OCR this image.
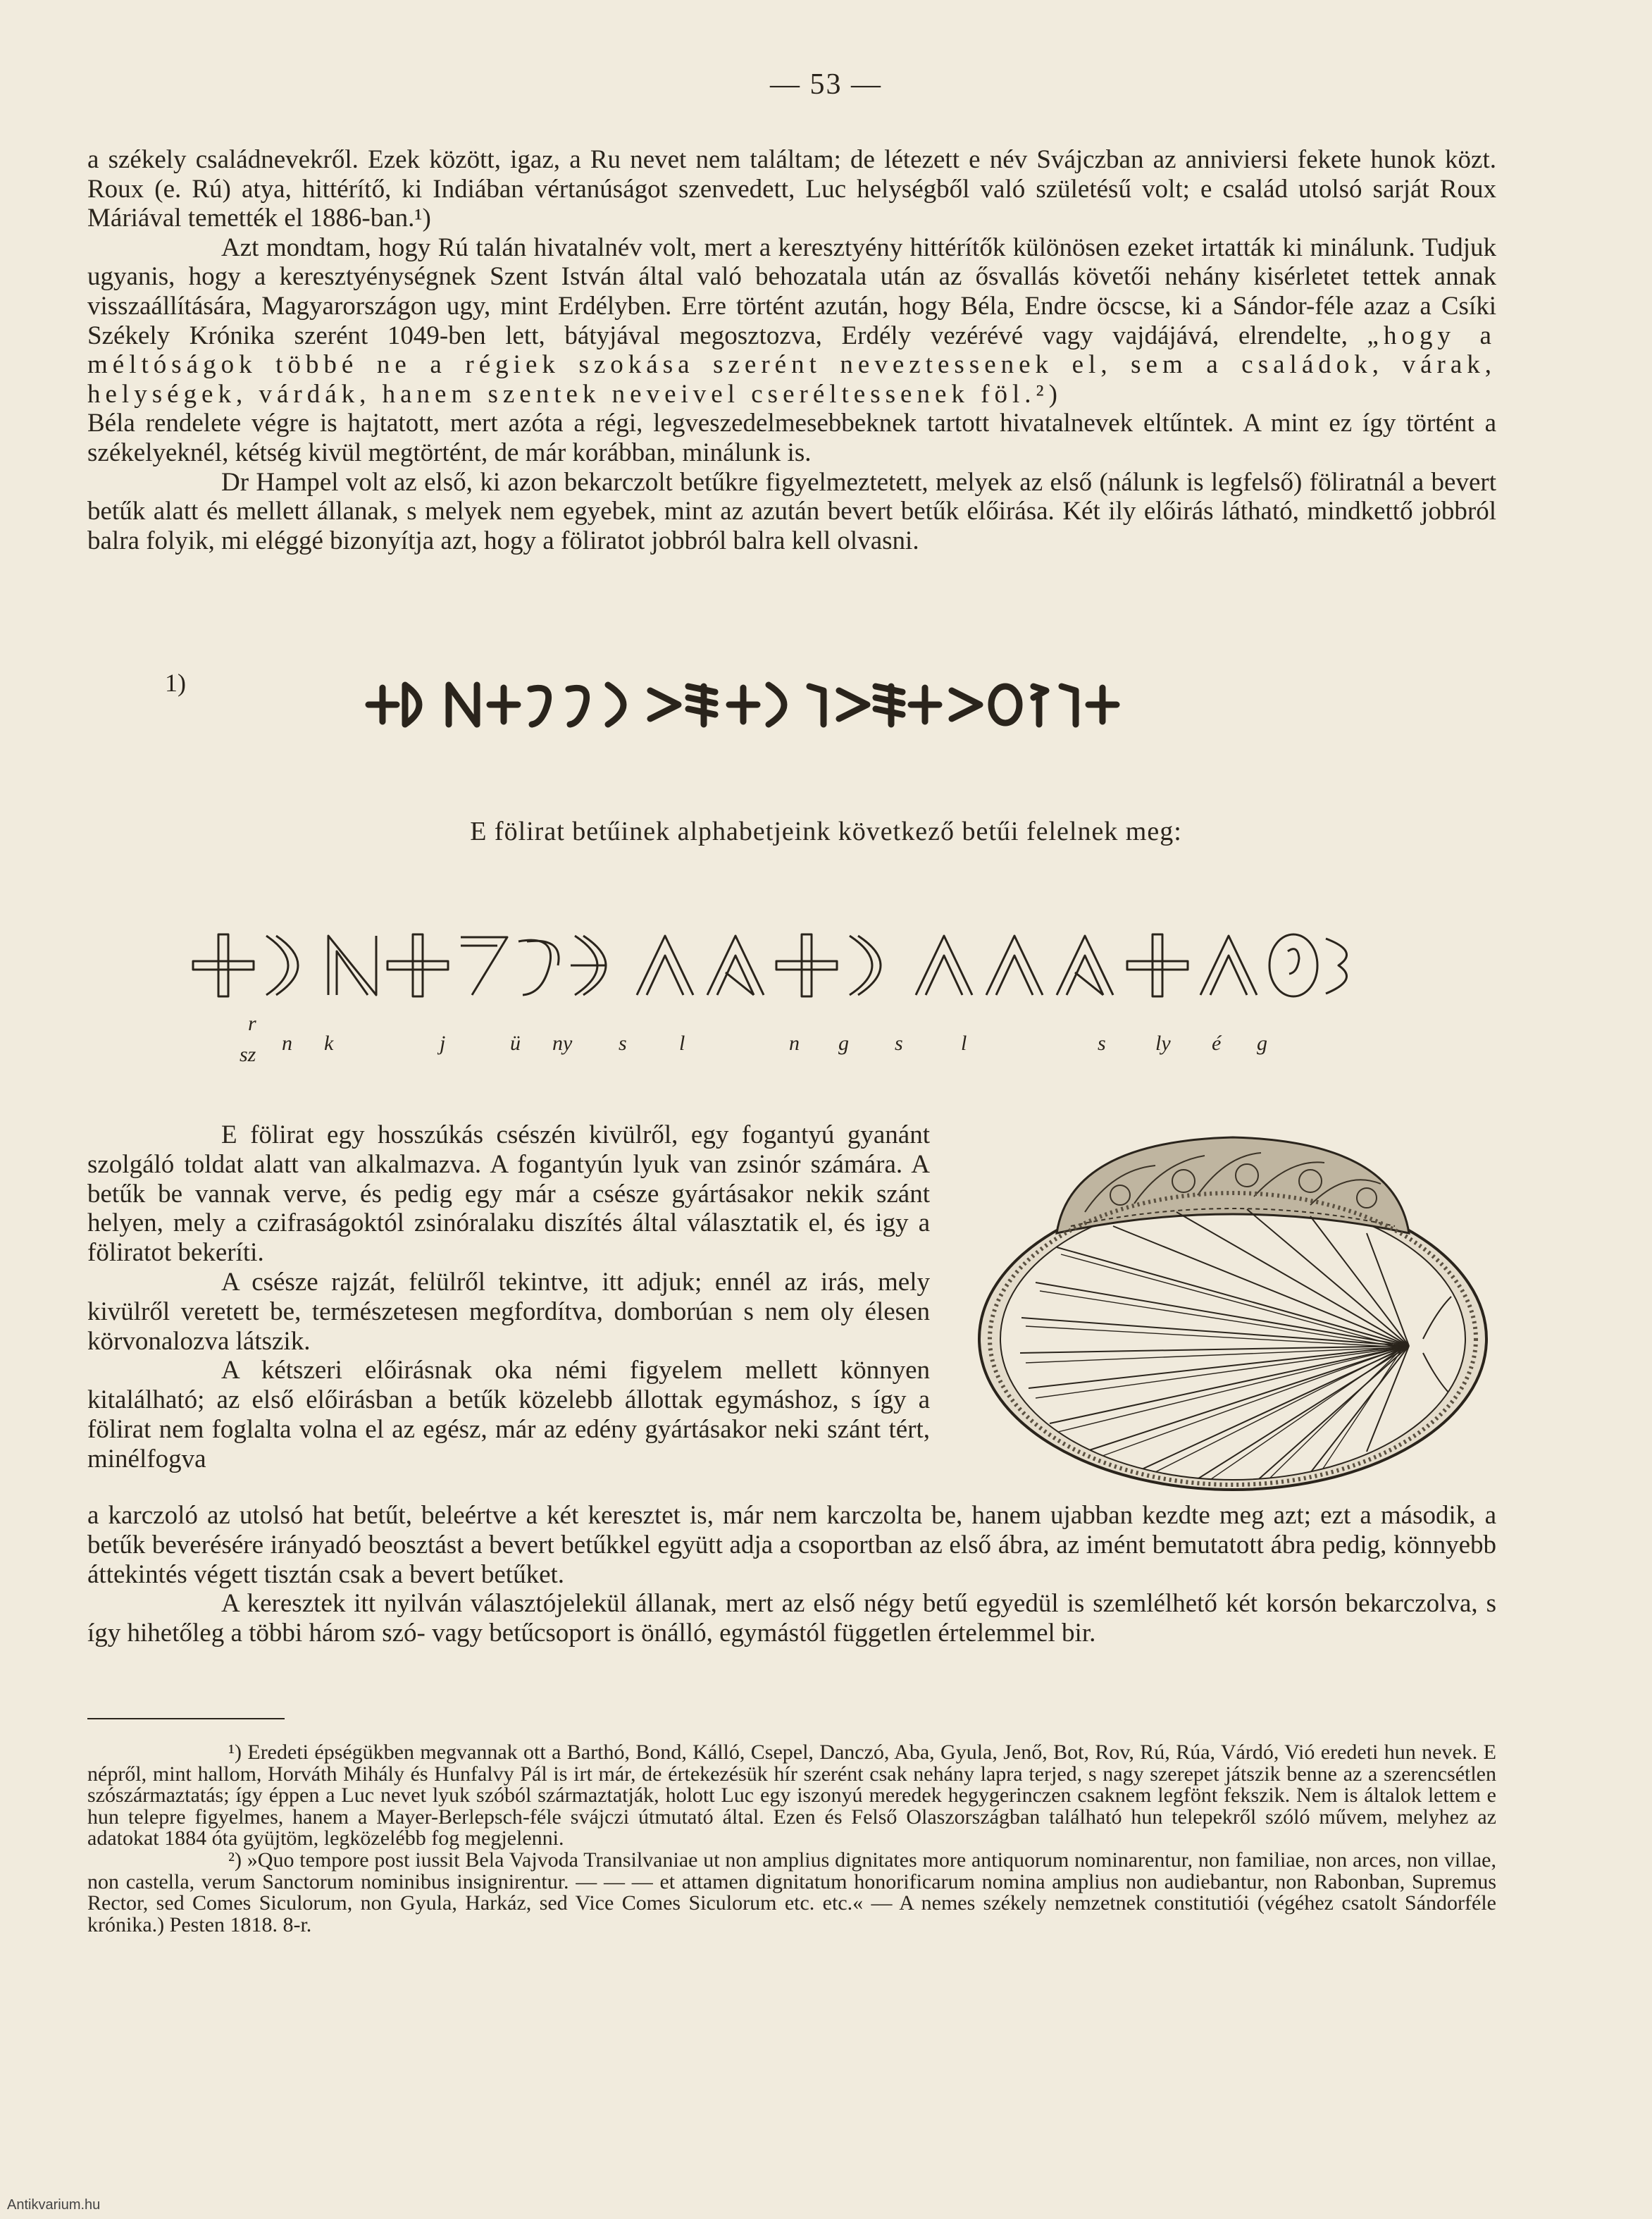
— 53 —

a székely családnevekről. Ezek között, igaz, a Ru nevet nem találtam; de létezett e név Svájczban az anniviersi fekete hunok közt. Roux (e. Rú) atya, hittérítő, ki Indiában vértanúságot szenvedett, Luc helységből való születésű volt; e család utolsó sarját Roux Máriával temették el 1886-ban.¹)

Azt mondtam, hogy Rú talán hivatalnév volt, mert a keresztyény hittérítők különösen ezeket irtatták ki minálunk. Tudjuk ugyanis, hogy a keresztyénységnek Szent István által való behozatala után az ősvallás követői nehány kisérletet tettek annak visszaállítására, Magyarországon ugy, mint Erdélyben. Erre történt azután, hogy Béla, Endre öcscse, ki a Sándor-féle azaz a Csíki Székely Krónika szerént 1049-ben lett, bátyjával megosztozva, Erdély vezérévé vagy vajdájává, elrendelte, „hogy a méltóságok többé ne a régiek szokása szerént neveztessenek el, sem a családok, várak, helységek, várdák, hanem szentek neveivel cseréltessenek föl.²)

Béla rendelete végre is hajtatott, mert azóta a régi, legveszedelmesebbeknek tartott hivatalnevek eltűntek. A mint ez így történt a székelyeknél, kétség kivül megtörtént, de már korábban, minálunk is.

Dr Hampel volt az első, ki azon bekarczolt betűkre figyelmeztetett, melyek az első (nálunk is legfelső) föliratnál a bevert betűk alatt és mellett állanak, s melyek nem egyebek, mint az azután bevert betűk előirása. Két ily előirás látható, mindkettő jobbról balra folyik, mi eléggé bizonyítja azt, hogy a föliratot jobbról balra kell olvasni.

1)
E fölirat betűinek alphabetjeink következő betűi felelnek meg:
r
sz n k	j	ü ny s l	n g s	l	s ly é g

E fölirat egy hosszúkás csészén kivülről, egy fogantyú gyanánt szolgáló toldat alatt van alkalmazva. A fogantyún lyuk van zsinór számára. A betűk be vannak verve, és pedig egy már a csésze gyártásakor nekik szánt helyen, mely a czifraságoktól zsinóralaku diszítés által választatik el, és igy a föliratot bekeríti.

A csésze rajzát, felülről tekintve, itt adjuk; ennél az irás, mely kivülről veretett be, természetesen megfordítva, domborúan s nem oly élesen körvonalozva látszik.

A kétszeri előirásnak oka némi figyelem mellett könnyen kitalálható; az első előirásban a betűk közelebb állottak egymáshoz, s így a fölirat nem foglalta volna el az egész, már az edény gyártásakor neki szánt tért, minélfogva

a karczoló az utolsó hat betűt, beleértve a két keresztet is, már nem karczolta be, hanem ujabban kezdte meg azt; ezt a második, a betűk beverésére irányadó beosztást a bevert betűkkel együtt adja a csoportban az első ábra, az imént bemutatott ábra pedig, könnyebb áttekintés végett tisztán csak a bevert betűket.

A keresztek itt nyilván választójelekül állanak, mert az első négy betű egyedül is szemlélhető két korsón bekarczolva, s így hihetőleg a többi három szó- vagy betűcsoport is önálló, egymástól független értelemmel bir.

¹) Eredeti épségükben megvannak ott a Barthó, Bond, Kálló, Csepel, Danczó, Aba, Gyula, Jenő, Bot, Rov, Rú, Rúa, Várdó, Vió eredeti hun nevek. E népről, mint hallom, Horváth Mihály és Hunfalvy Pál is irt már, de értekezésük hír szerént csak nehány lapra terjed, s nagy szerepet játszik benne az a szerencsétlen szószármaztatás; így éppen a Luc nevet lyuk szóból származtatják, holott Luc egy iszonyú meredek hegygerinczen csaknem legfönt fekszik. Nem is általok lettem e hun telepre figyelmes, hanem a Mayer-Berlepsch-féle svájczi útmutató által. Ezen és Felső Olaszországban található hun telepekről szóló művem, melyhez az adatokat 1884 óta gyüjtöm, legközelébb fog megjelenni.

²) »Quo tempore post iussit Bela Vajvoda Transilvaniae ut non amplius dignitates more antiquorum nominarentur, non familiae, non arces, non villae, non castella, verum Sanctorum nominibus insignirentur. — — — et attamen dignitatum honorificarum nomina amplius non audiebantur, non Rabonban, Supremus Rector, sed Comes Siculorum, non Gyula, Harkáz, sed Vice Comes Siculorum etc. etc.« — A nemes székely nemzetnek constitutiói (végéhez csatolt Sándorféle krónika.) Pesten 1818. 8-r.

Antikvarium.hu
